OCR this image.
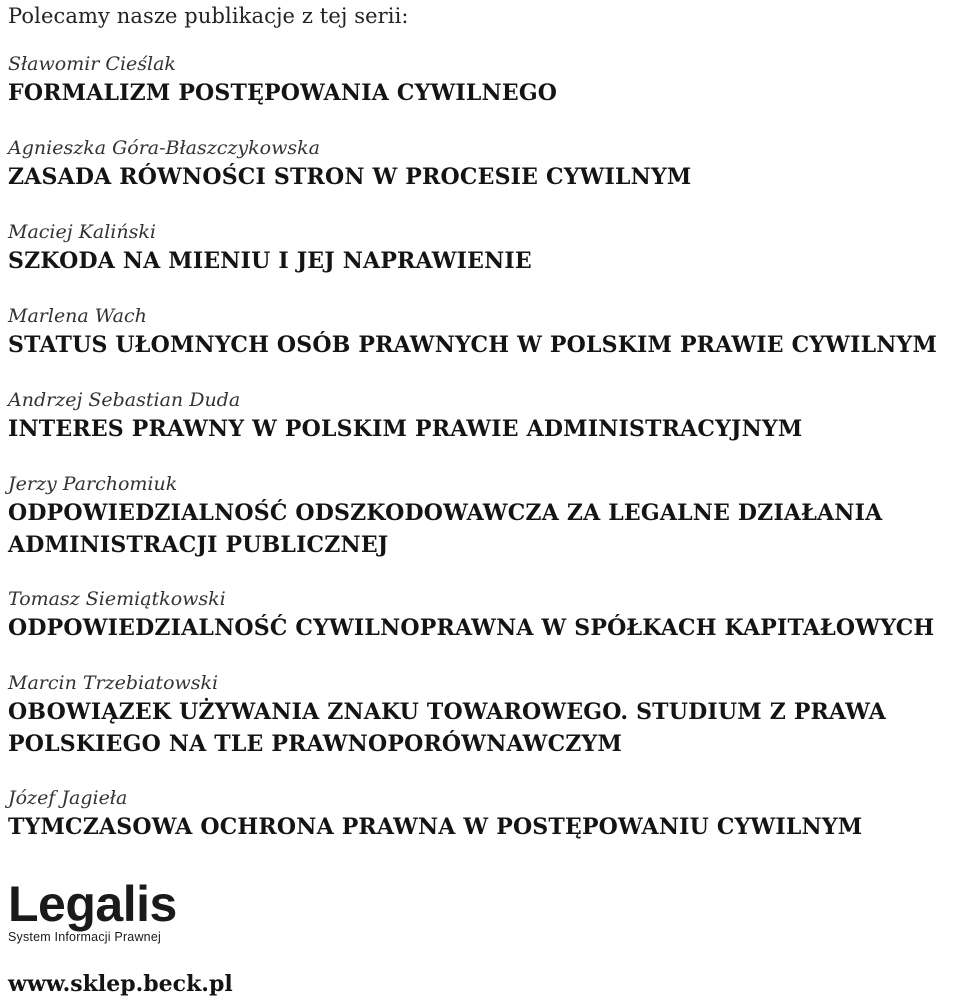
Polecamy nasze publikacje z tej serii:
Sławomir Cieślak
FORMALIZM POSTĘPOWANIA CYWILNEGO
Agnieszka Góra-Błaszczykowska
ZASADA RÓWNOŚCI STRON W PROCESIE CYWILNYM
Maciej Kaliński
SZKODA NA MIENIU I JEJ NAPRAWIENIE
Marlena Wach
STATUS UŁOMNYCH OSÓB PRAWNYCH W POLSKIM PRAWIE CYWILNYM
Andrzej Sebastian Duda
INTERES PRAWNY W POLSKIM PRAWIE ADMINISTRACYJNYM
Jerzy Parchomiuk
ODPOWIEDZIALNOŚĆ ODSZKODOWAWCZA ZA LEGALNE DZIAŁANIA
ADMINISTRACJI PUBLICZNEJ
Tomasz Siemiątkowski
ODPOWIEDZIALNOŚĆ CYWILNOPRAWNA W SPÓŁKACH KAPITAŁOWYCH
Marcin Trzebiatowski
OBOWIĄZEK UŻYWANIA ZNAKU TOWAROWEGO. STUDIUM Z PRAWA
POLSKIEGO NA TLE PRAWNOPORÓWNAWCZYM
Józef Jagieła
TYMCZASOWA OCHRONA PRAWNA W POSTĘPOWANIU CYWILNYM
Legalis
System Informacji Prawnej
www.sklep.beck.pl
